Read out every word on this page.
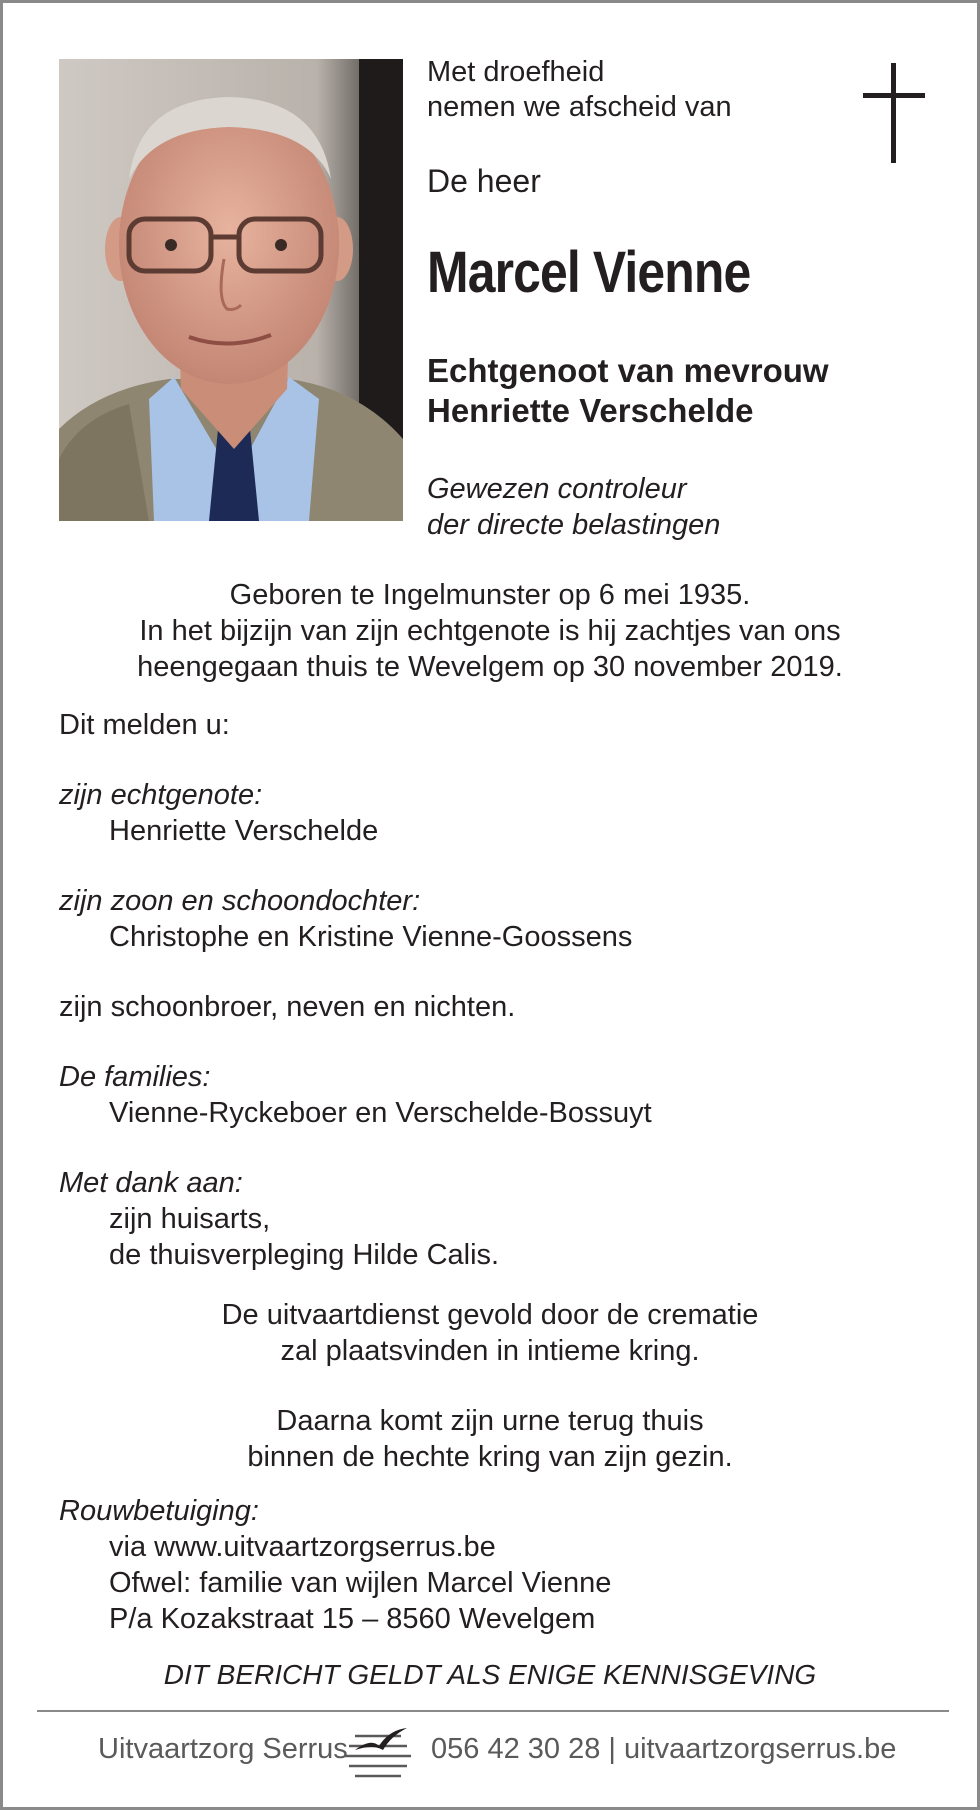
Met droefheid
nemen we afscheid van
De heer
Marcel Vienne
Echtgenoot van mevrouw
Henriette Verschelde
Gewezen controleur
der directe belastingen
Geboren te Ingelmunster op 6 mei 1935.
In het bijzijn van zijn echtgenote is hij zachtjes van ons
heengegaan thuis te Wevelgem op 30 november 2019.
Dit melden u:
zijn echtgenote:
Henriette Verschelde
zijn zoon en schoondochter:
Christophe en Kristine Vienne-Goossens
zijn schoonbroer, neven en nichten.
De families:
Vienne-Ryckeboer en Verschelde-Bossuyt
Met dank aan:
zijn huisarts,
de thuisverpleging Hilde Calis.
De uitvaartdienst gevold door de crematie
zal plaatsvinden in intieme kring.
Daarna komt zijn urne terug thuis
binnen de hechte kring van zijn gezin.
Rouwbetuiging:
via www.uitvaartzorgserrus.be
Ofwel: familie van wijlen Marcel Vienne
P/a Kozakstraat 15 – 8560 Wevelgem
DIT BERICHT GELDT ALS ENIGE KENNISGEVING
Uitvaartzorg Serrus	056 42 30 28 | uitvaartzorgserrus.be
